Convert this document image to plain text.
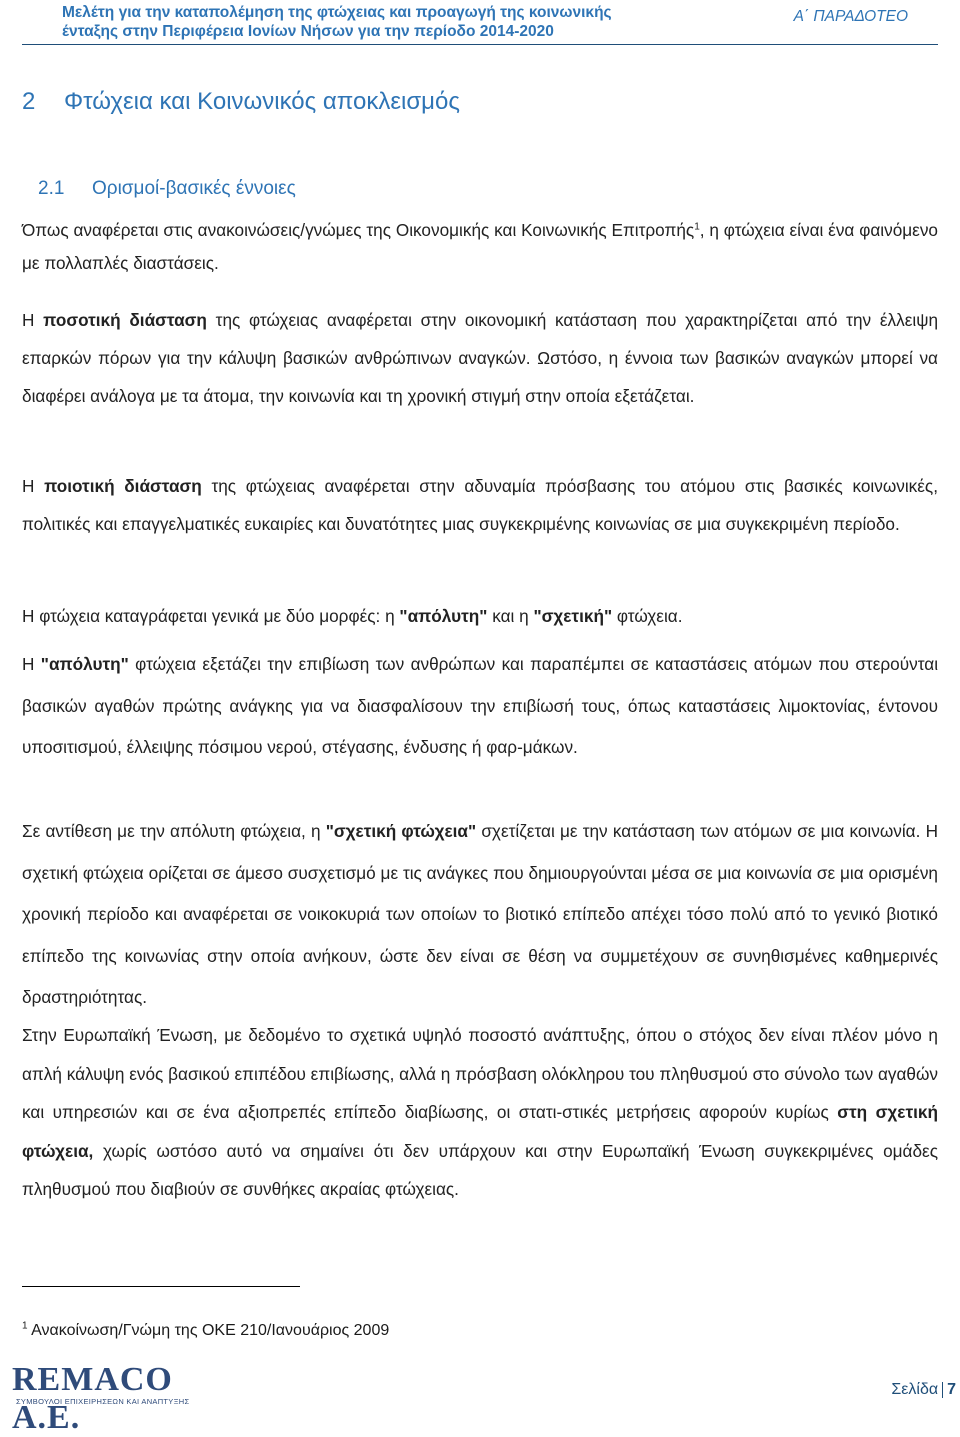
Μελέτη για την καταπολέμηση της φτώχειας και προαγωγή της κοινωνικής
ένταξης στην Περιφέρεια Ιονίων Νήσων για την περίοδο 2014-2020
Α΄ ΠΑΡΑΔΟΤΕΟ
2 Φτώχεια και Κοινωνικός αποκλεισμός
2.1 Ορισμοί-βασικές έννοιες
Όπως αναφέρεται στις ανακοινώσεις/γνώμες της Οικονομικής και Κοινωνικής Επιτροπής$^1$, η φτώχεια είναι ένα φαινόμενο με πολλαπλές διαστάσεις.
Η ποσοτική διάσταση της φτώχειας αναφέρεται στην οικονομική κατάσταση που χαρακτηρίζεται από την έλλειψη επαρκών πόρων για την κάλυψη βασικών ανθρώπινων αναγκών. Ωστόσο, η έννοια των βασικών αναγκών μπορεί να διαφέρει ανάλογα με τα άτομα, την κοινωνία και τη χρονική στιγμή στην οποία εξετάζεται.
Η ποιοτική διάσταση της φτώχειας αναφέρεται στην αδυναμία πρόσβασης του ατόμου στις βασικές κοινωνικές, πολιτικές και επαγγελματικές ευκαιρίες και δυνατότητες μιας συγκεκριμένης κοινωνίας σε μια συγκεκριμένη περίοδο.
Η φτώχεια καταγράφεται γενικά με δύο μορφές: η "απόλυτη" και η "σχετική" φτώχεια.
Η "απόλυτη" φτώχεια εξετάζει την επιβίωση των ανθρώπων και παραπέμπει σε καταστάσεις ατόμων που στερούνται βασικών αγαθών πρώτης ανάγκης για να διασφαλίσουν την επιβίωσή τους, όπως καταστάσεις λιμοκτονίας, έντονου υποσιτισμού, έλλειψης πόσιμου νερού, στέγασης, ένδυσης ή φαρ-μάκων.
Σε αντίθεση με την απόλυτη φτώχεια, η "σχετική φτώχεια" σχετίζεται με την κατάσταση των ατόμων σε μια κοινωνία. Η σχετική φτώχεια ορίζεται σε άμεσο συσχετισμό με τις ανάγκες που δημιουργούνται μέσα σε μια κοινωνία σε μια ορισμένη χρονική περίοδο και αναφέρεται σε νοικοκυριά των οποίων το βιοτικό επίπεδο απέχει τόσο πολύ από το γενικό βιοτικό επίπεδο της κοινωνίας στην οποία ανήκουν, ώστε δεν είναι σε θέση να συμμετέχουν σε συνηθισμένες καθημερινές δραστηριότητας.
Στην Ευρωπαϊκή Ένωση, με δεδομένο το σχετικά υψηλό ποσοστό ανάπτυξης, όπου ο στόχος δεν είναι πλέον μόνο η απλή κάλυψη ενός βασικού επιπέδου επιβίωσης, αλλά η πρόσβαση ολόκληρου του πληθυσμού στο σύνολο των αγαθών και υπηρεσιών και σε ένα αξιοπρεπές επίπεδο διαβίωσης, οι στατι-στικές μετρήσεις αφορούν κυρίως στη σχετική φτώχεια, χωρίς ωστόσο αυτό να σημαίνει ότι δεν υπάρχουν και στην Ευρωπαϊκή Ένωση συγκεκριμένες ομάδες πληθυσμού που διαβιούν σε συνθήκες ακραίας φτώχειας.
$^1$ Ανακοίνωση/Γνώμη της ΟΚΕ 210/Ιανουάριος 2009
REMACO A.E.
ΣΥΜΒΟΥΛΟΙ ΕΠΙΧΕΙΡΗΣΕΩΝ ΚΑΙ ΑΝΑΠΤΥΞΗΣ
Σελίδα 7
